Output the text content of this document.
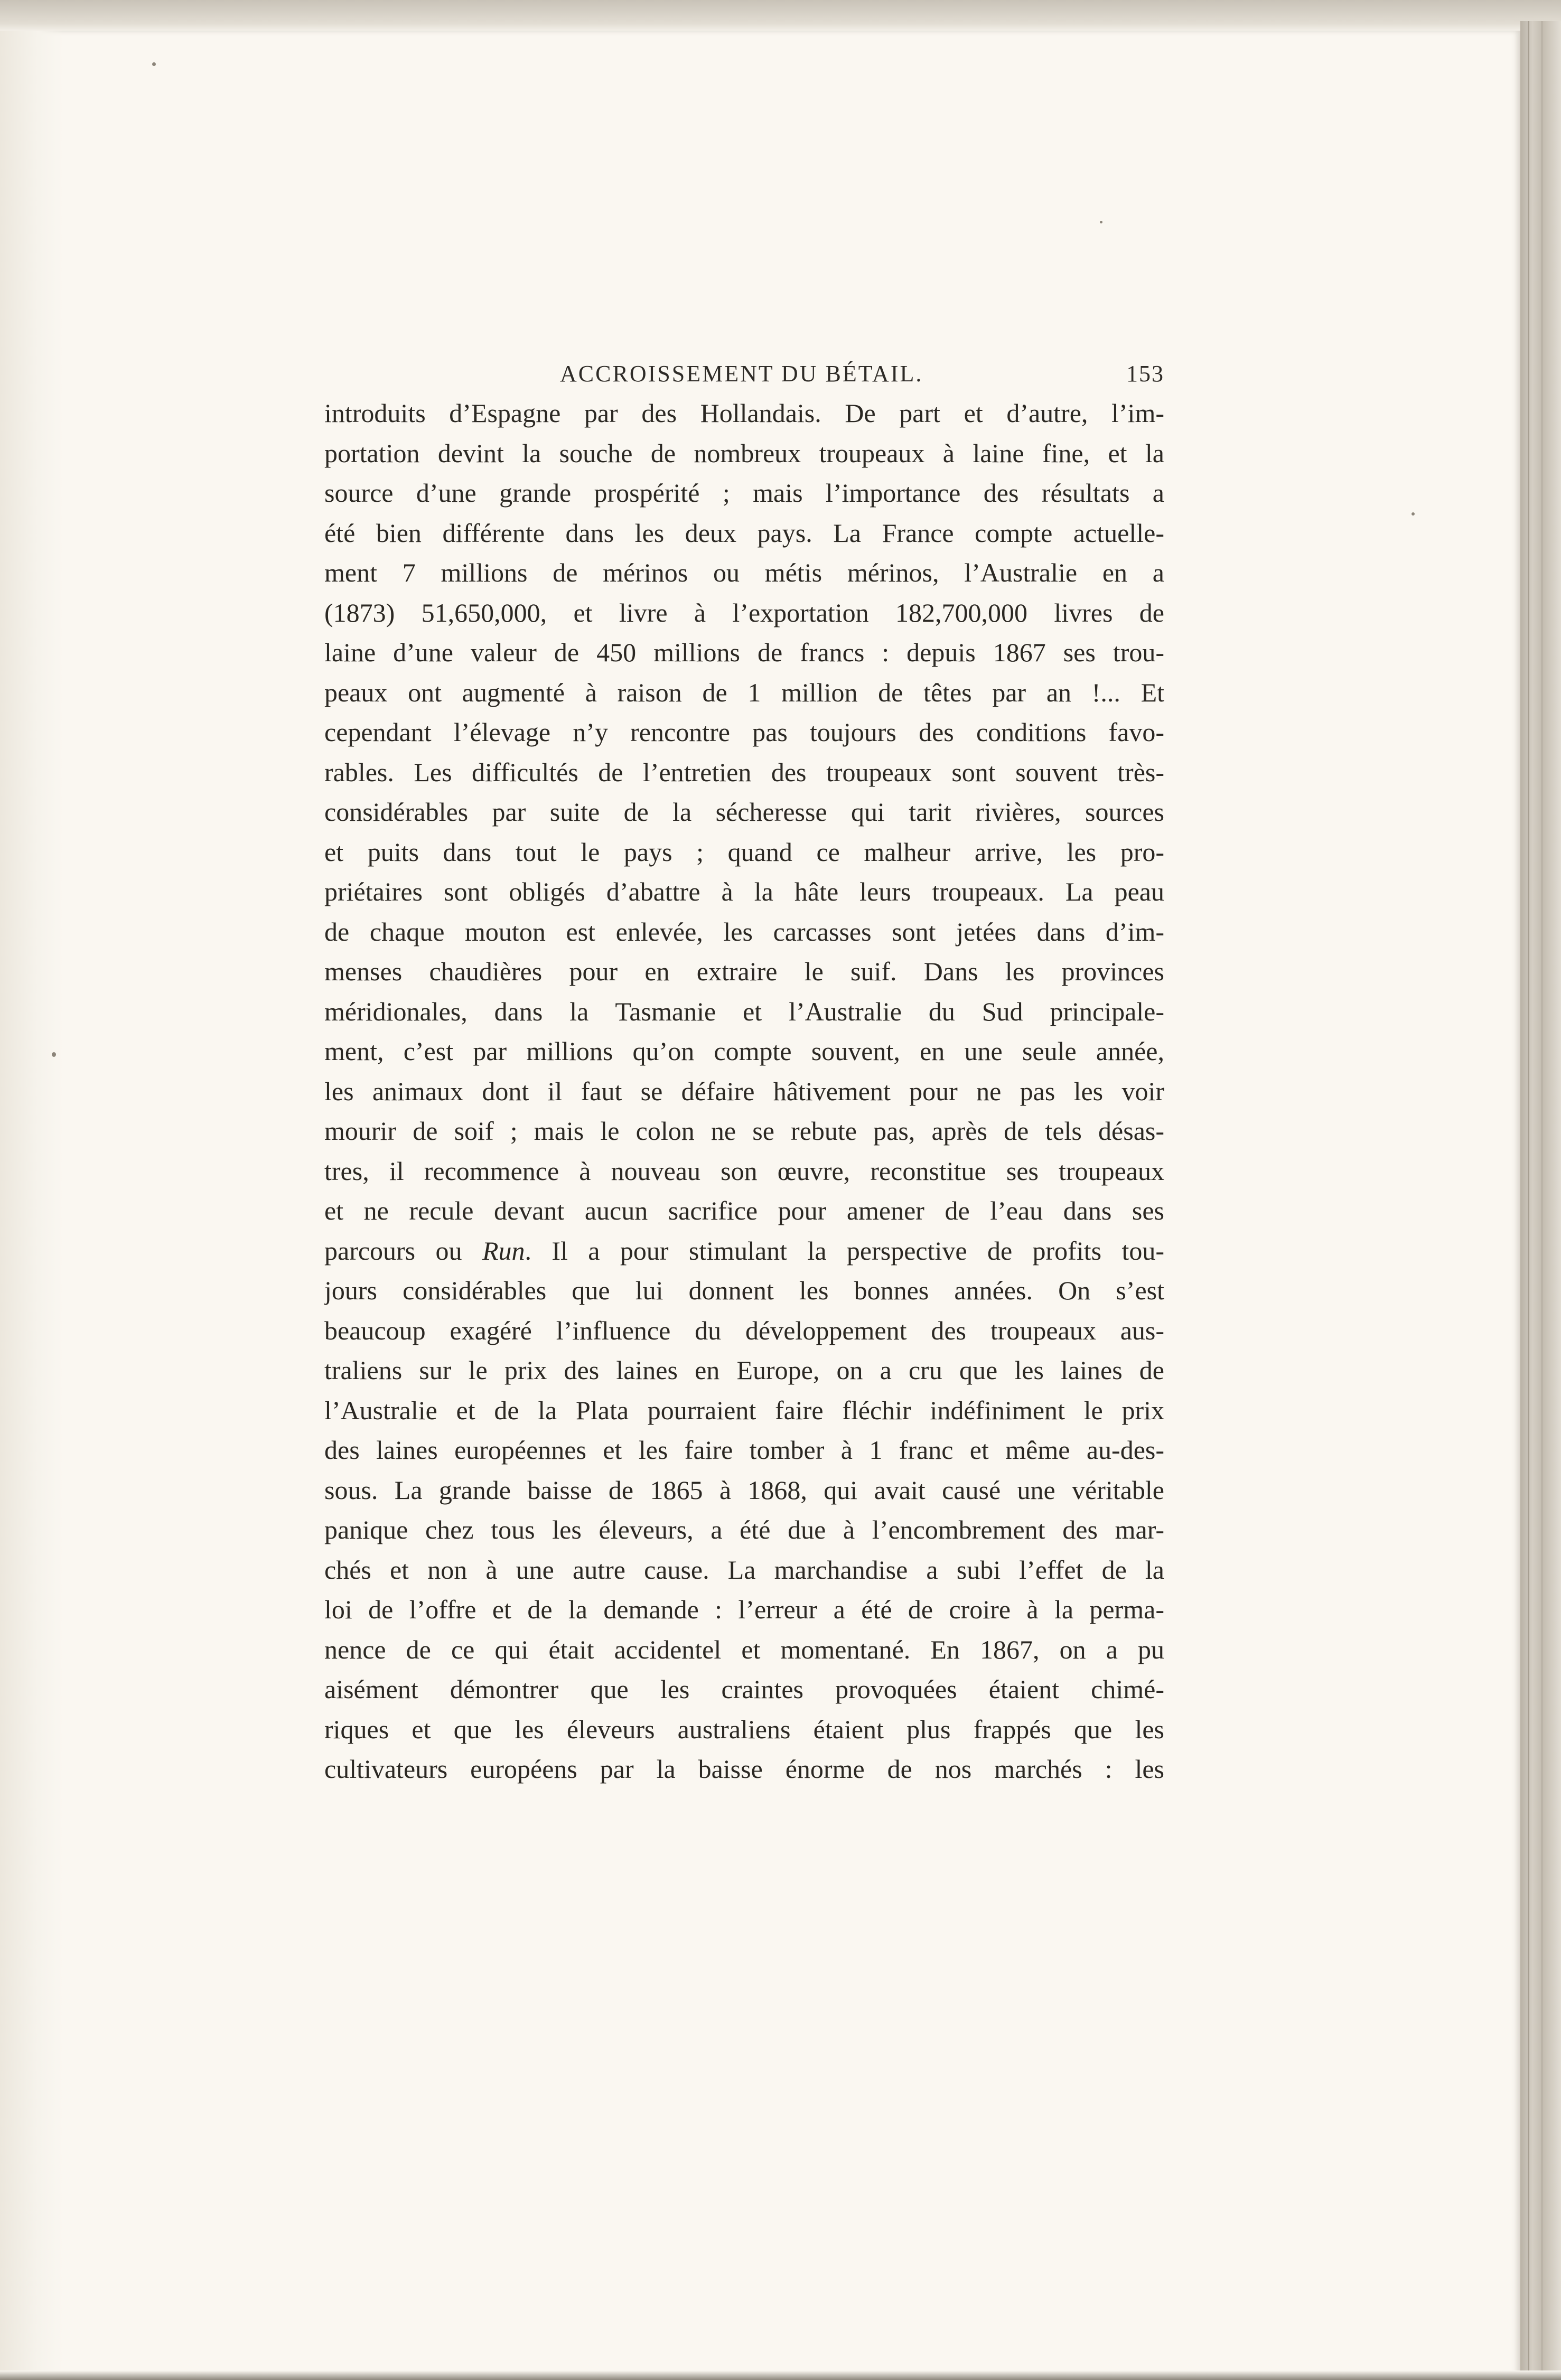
ACCROISSEMENT DU BÉTAIL.	153
introduits d’Espagne par des Hollandais. De part et d’autre, l’im-
portation devint la souche de nombreux troupeaux à laine fine, et la
source d’une grande prospérité ; mais l’importance des résultats a
été bien différente dans les deux pays. La France compte actuelle-
ment 7 millions de mérinos ou métis mérinos, l’Australie en a
(1873) 51,650,000, et livre à l’exportation 182,700,000 livres de
laine d’une valeur de 450 millions de francs : depuis 1867 ses trou-
peaux ont augmenté à raison de 1 million de têtes par an !... Et
cependant l’élevage n’y rencontre pas toujours des conditions favo-
rables. Les difficultés de l’entretien des troupeaux sont souvent très-
considérables par suite de la sécheresse qui tarit rivières, sources
et puits dans tout le pays ; quand ce malheur arrive, les pro-
priétaires sont obligés d’abattre à la hâte leurs troupeaux. La peau
de chaque mouton est enlevée, les carcasses sont jetées dans d’im-
menses chaudières pour en extraire le suif. Dans les provinces
méridionales, dans la Tasmanie et l’Australie du Sud principale-
ment, c’est par millions qu’on compte souvent, en une seule année,
les animaux dont il faut se défaire hâtivement pour ne pas les voir
mourir de soif ; mais le colon ne se rebute pas, après de tels désas-
tres, il recommence à nouveau son œuvre, reconstitue ses troupeaux
et ne recule devant aucun sacrifice pour amener de l’eau dans ses
parcours ou Run. Il a pour stimulant la perspective de profits tou-
jours considérables que lui donnent les bonnes années. On s’est
beaucoup exagéré l’influence du développement des troupeaux aus-
traliens sur le prix des laines en Europe, on a cru que les laines de
l’Australie et de la Plata pourraient faire fléchir indéfiniment le prix
des laines européennes et les faire tomber à 1 franc et même au-des-
sous. La grande baisse de 1865 à 1868, qui avait causé une véritable
panique chez tous les éleveurs, a été due à l’encombrement des mar-
chés et non à une autre cause. La marchandise a subi l’effet de la
loi de l’offre et de la demande : l’erreur a été de croire à la perma-
nence de ce qui était accidentel et momentané. En 1867, on a pu
aisément démontrer que les craintes provoquées étaient chimé-
riques et que les éleveurs australiens étaient plus frappés que les
cultivateurs européens par la baisse énorme de nos marchés : les
